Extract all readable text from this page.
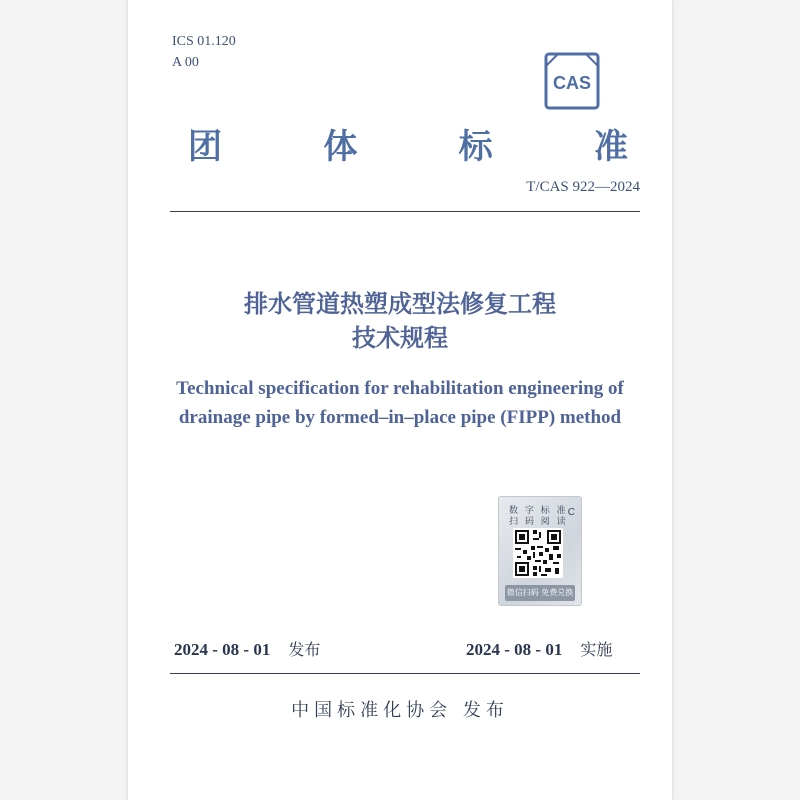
ICS 01.120
A 00
CAS
团	体	标	准
T/CAS 922—2024
排水管道热塑成型法修复工程
技术规程
Technical specification for rehabilitation engineering of
drainage pipe by formed–in–place pipe (FIPP) method
数 字 标 准
扫 码 阅 读
C
微信扫码 免费兑换
2024 - 08 - 01 发布	2024 - 08 - 01 实施
中国标准化协会 发布
